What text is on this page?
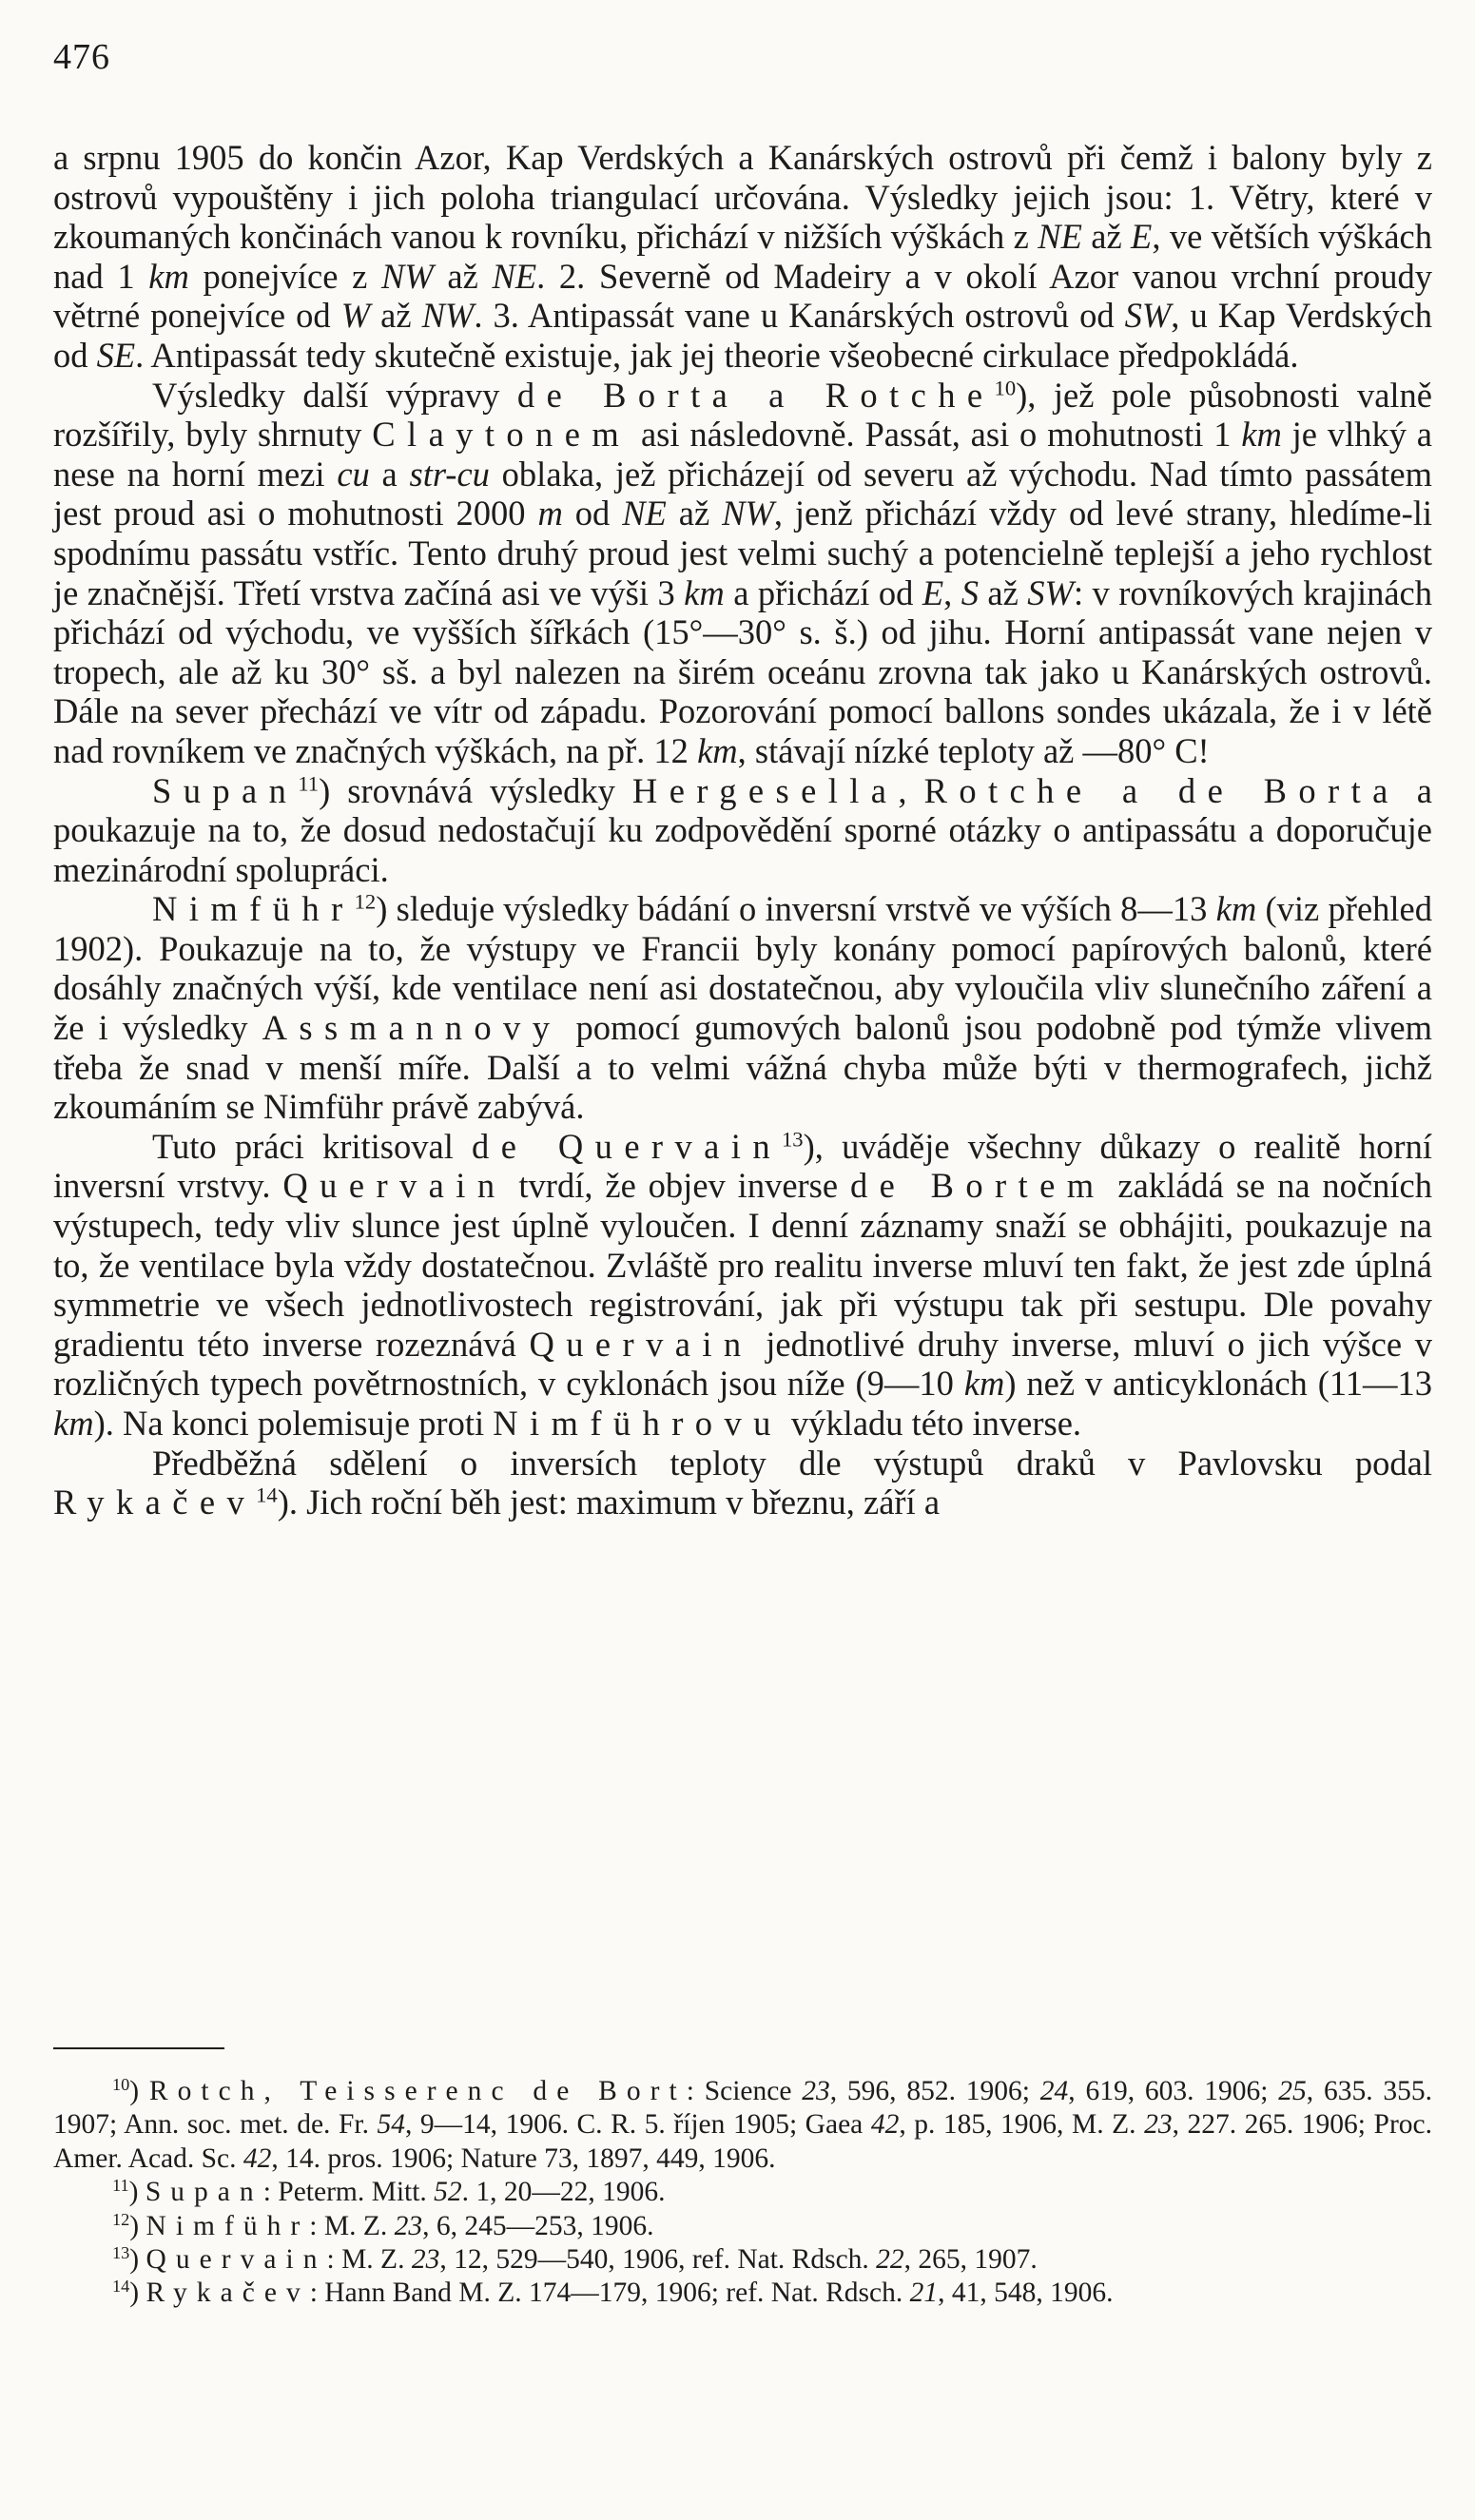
476

a srpnu 1905 do končin Azor, Kap Verdských a Kanárských ostrovů při čemž i balony byly z ostrovů vypouštěny i jich poloha triangulací určována. Výsledky jejich jsou: 1. Větry, které v zkoumaných končinách vanou k rovníku, přichází v nižších výškách z NE až E, ve větších výškách nad 1 km ponejvíce z NW až NE. 2. Severně od Madeiry a v okolí Azor vanou vrchní proudy větrné ponejvíce od W až NW. 3. Antipassát vane u Kanárských ostrovů od SW, u Kap Verdských od SE. Antipassát tedy skutečně existuje, jak jej theorie všeobecné cirkulace předpokládá.

Výsledky další výpravy de Borta a Rotche$^{10}$), jež pole působnosti valně rozšířily, byly shrnuty Claytonem asi následovně. Passát, asi o mohutnosti 1 km je vlhký a nese na horní mezi cu a str-cu oblaka, jež přicházejí od severu až východu. Nad tímto passátem jest proud asi o mohutnosti 2000 m od NE až NW, jenž přichází vždy od levé strany, hledíme-li spodnímu passátu vstříc. Tento druhý proud jest velmi suchý a potencielně teplejší a jeho rychlost je značnější. Třetí vrstva začíná asi ve výši 3 km a přichází od E, S až SW: v rovníkových krajinách přichází od východu, ve vyšších šířkách (15°—30° s. š.) od jihu. Horní antipassát vane nejen v tropech, ale až ku 30° sš. a byl nalezen na širém oceánu zrovna tak jako u Kanárských ostrovů. Dále na sever přechází ve vítr od západu. Pozorování pomocí ballons sondes ukázala, že i v létě nad rovníkem ve značných výškách, na př. 12 km, stávají nízké teploty až —80° C!

Supan$^{11}$) srovnává výsledky Hergesella, Rotche a de Borta a poukazuje na to, že dosud nedostačují ku zodpovědění sporné otázky o antipassátu a doporučuje mezinárodní spolupráci.

Nimführ$^{12}$) sleduje výsledky bádání o inversní vrstvě ve výších 8—13 km (viz přehled 1902). Poukazuje na to, že výstupy ve Francii byly konány pomocí papírových balonů, které dosáhly značných výší, kde ventilace není asi dostatečnou, aby vyloučila vliv slunečního záření a že i výsledky Assmannovy pomocí gumových balonů jsou podobně pod týmže vlivem třeba že snad v menší míře. Další a to velmi vážná chyba může býti v thermografech, jichž zkoumáním se Nimführ právě zabývá.

Tuto práci kritisoval de Quervain$^{13}$), uváděje všechny důkazy o realitě horní inversní vrstvy. Quervain tvrdí, že objev inverse de Bortem zakládá se na nočních výstupech, tedy vliv slunce jest úplně vyloučen. I denní záznamy snaží se obhájiti, poukazuje na to, že ventilace byla vždy dostatečnou. Zvláště pro realitu inverse mluví ten fakt, že jest zde úplná symmetrie ve všech jednotlivostech registrování, jak při výstupu tak při sestupu. Dle povahy gradientu této inverse rozeznává Quervain jednotlivé druhy inverse, mluví o jich výšce v rozličných typech povětrnostních, v cyklonách jsou níže (9—10 km) než v anticyklonách (11—13 km). Na konci polemisuje proti Nimführovu výkladu této inverse.

Předběžná sdělení o inversích teploty dle výstupů draků v Pavlovsku podal Rykačev$^{14}$). Jich roční běh jest: maximum v březnu, září a

$^{10}$) Rotch, Teisserenc de Bort: Science 23, 596, 852. 1906; 24, 619, 603. 1906; 25, 635. 355. 1907; Ann. soc. met. de. Fr. 54, 9—14, 1906. C. R. 5. říjen 1905; Gaea 42, p. 185, 1906, M. Z. 23, 227. 265. 1906; Proc. Amer. Acad. Sc. 42, 14. pros. 1906; Nature 73, 1897, 449, 1906.

$^{11}$) Supan: Peterm. Mitt. 52. 1, 20—22, 1906.

$^{12}$) Nimführ: M. Z. 23, 6, 245—253, 1906.

$^{13}$) Quervain: M. Z. 23, 12, 529—540, 1906, ref. Nat. Rdsch. 22, 265, 1907.

$^{14}$) Rykačev: Hann Band M. Z. 174—179, 1906; ref. Nat. Rdsch. 21, 41, 548, 1906.
